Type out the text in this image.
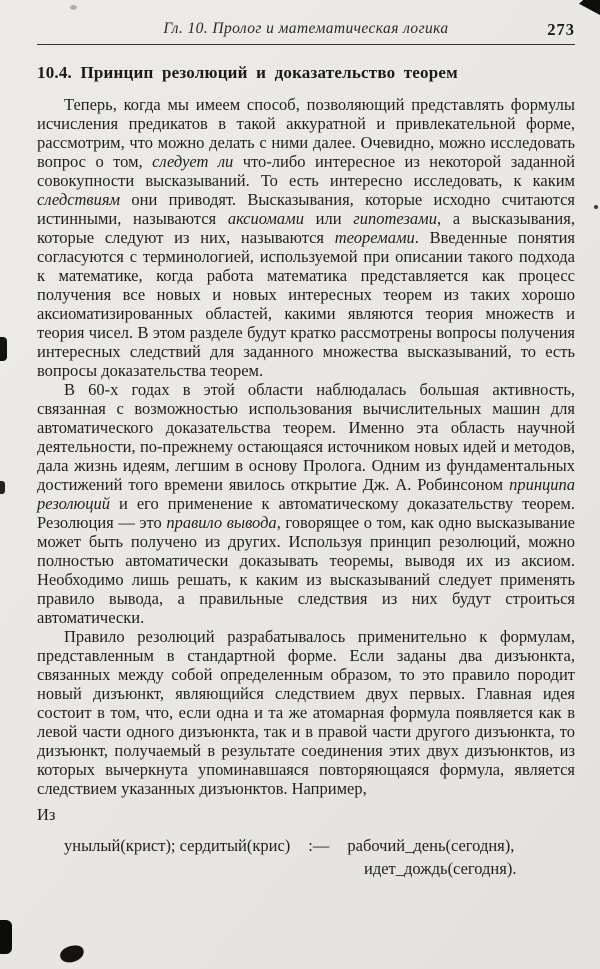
Гл. 10. Пролог и математическая логика	273
10.4. Принцип резолюций и доказательство теорем

Теперь, когда мы имеем способ, позволяющий представлять формулы исчисления предикатов в такой аккуратной и привлекательной форме, рассмотрим, что можно делать с ними далее. Очевидно, можно исследовать вопрос о том, следует ли что-либо интересное из некоторой заданной совокупности высказываний. То есть интересно исследовать, к каким следствиям они приводят. Высказывания, которые исходно считаются истинными, называются аксиомами или гипотезами, а высказывания, которые следуют из них, называются теоремами. Введенные понятия согласуются с терминологией, используемой при описании такого подхода к математике, когда работа математика представляется как процесс получения все новых и новых интересных теорем из таких хорошо аксиоматизированных областей, какими являются теория множеств и теория чисел. В этом разделе будут кратко рассмотрены вопросы получения интересных следствий для заданного множества высказываний, то есть вопросы доказательства теорем.

В 60-х годах в этой области наблюдалась большая активность, связанная с возможностью использования вычислительных машин для автоматического доказательства теорем. Именно эта область научной деятельности, по-прежнему остающаяся источником новых идей и методов, дала жизнь идеям, легшим в основу Пролога. Одним из фундаментальных достижений того времени явилось открытие Дж. А. Робинсоном принципа резолюций и его применение к автоматическому доказательству теорем. Резолюция — это правило вывода, говорящее о том, как одно высказывание может быть получено из других. Используя принцип резолюций, можно полностью автоматически доказывать теоремы, выводя их из аксиом. Необходимо лишь решать, к каким из высказываний следует применять правило вывода, а правильные следствия из них будут строиться автоматически.

Правило резолюций разрабатывалось применительно к формулам, представленным в стандартной форме. Если заданы два дизъюнкта, связанных между собой определенным образом, то это правило породит новый дизъюнкт, являющийся следствием двух первых. Главная идея состоит в том, что, если одна и та же атомарная формула появляется как в левой части одного дизъюнкта, так и в правой части другого дизъюнкта, то дизъюнкт, получаемый в результате соединения этих двух дизъюнктов, из которых вычеркнута упоминавшаяся повторяющаяся формула, является следствием указанных дизъюнктов. Например,

Из

унылый(крист); сердитый(крис) :— рабочий_день(сегодня),
идет_дождь(сегодня).
